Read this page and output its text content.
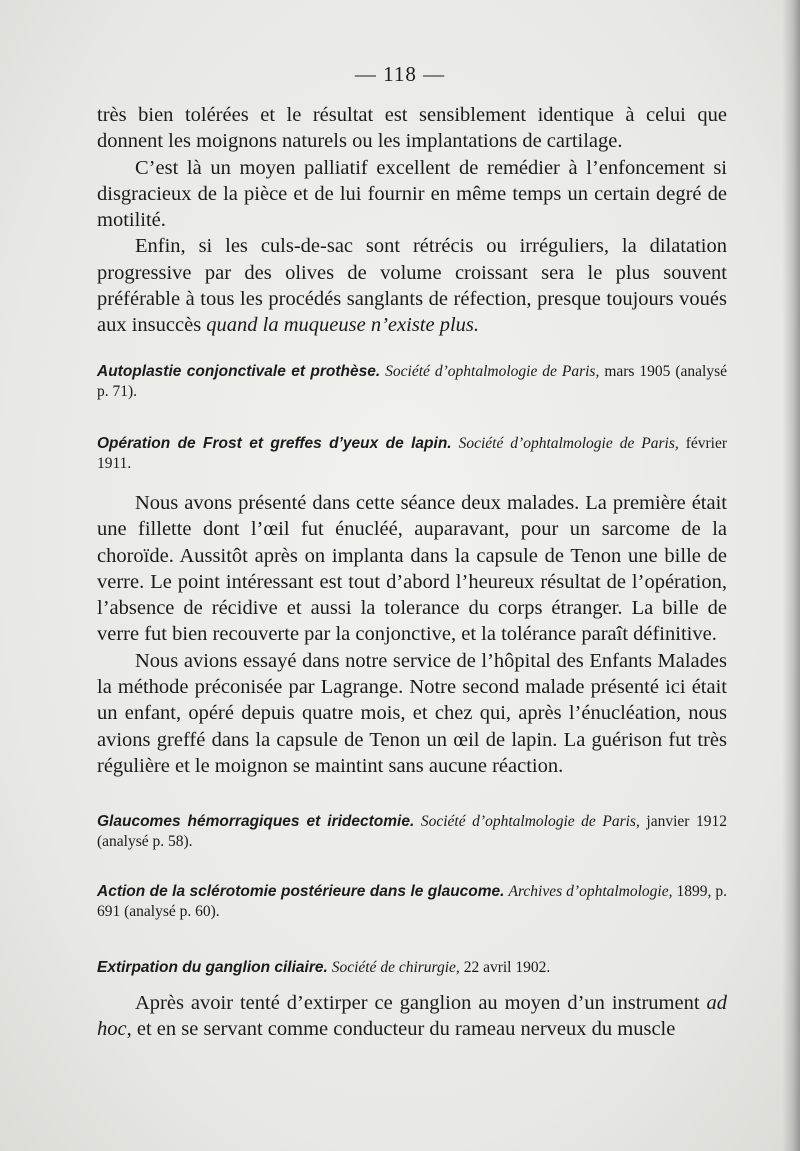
— 118 —

très bien tolérées et le résultat est sensiblement identique à celui que donnent les moignons naturels ou les implantations de cartilage.

C’est là un moyen palliatif excellent de remédier à l’enfoncement si disgracieux de la pièce et de lui fournir en même temps un certain degré de motilité.

Enfin, si les culs-de-sac sont rétrécis ou irréguliers, la dilatation progressive par des olives de volume croissant sera le plus souvent préférable à tous les procédés sanglants de réfection, presque toujours voués aux insuccès quand la muqueuse n’existe plus.

Autoplastie conjonctivale et prothèse. Société d’ophtalmologie de Paris, mars 1905 (analysé p. 71).
Opération de Frost et greffes d’yeux de lapin. Société d’ophtalmologie de Paris, février 1911.

Nous avons présenté dans cette séance deux malades. La première était une fillette dont l’œil fut énucléé, auparavant, pour un sarcome de la choroïde. Aussitôt après on implanta dans la capsule de Tenon une bille de verre. Le point intéressant est tout d’abord l’heureux résultat de l’opération, l’absence de récidive et aussi la tolerance du corps étranger. La bille de verre fut bien recouverte par la conjonctive, et la tolérance paraît définitive.

Nous avions essayé dans notre service de l’hôpital des Enfants Malades la méthode préconisée par Lagrange. Notre second malade présenté ici était un enfant, opéré depuis quatre mois, et chez qui, après l’énucléation, nous avions greffé dans la capsule de Tenon un œil de lapin. La guérison fut très régulière et le moignon se maintint sans aucune réaction.

Glaucomes hémorragiques et iridectomie. Société d’ophtalmologie de Paris, janvier 1912 (analysé p. 58).
Action de la sclérotomie postérieure dans le glaucome. Archives d’ophtalmologie, 1899, p. 691 (analysé p. 60).
Extirpation du ganglion ciliaire. Société de chirurgie, 22 avril 1902.

Après avoir tenté d’extirper ce ganglion au moyen d’un instrument ad hoc, et en se servant comme conducteur du rameau nerveux du muscle
